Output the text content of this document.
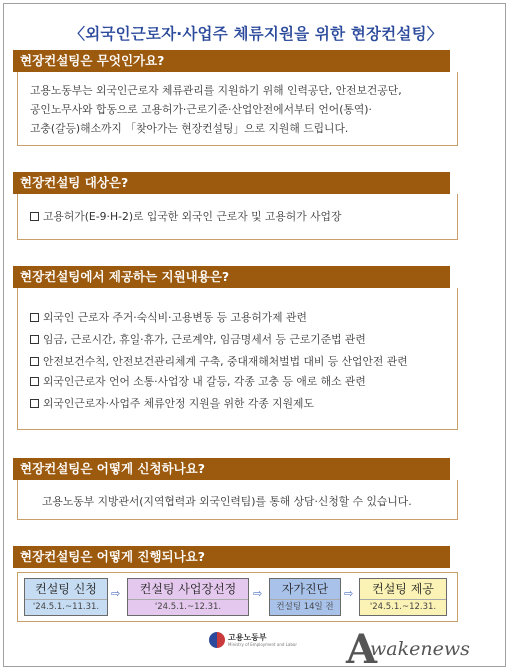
〈외국인근로자·사업주 체류지원을 위한 현장컨설팅〉
현장컨설팅은 무엇인가요?

고용노동부는 외국인근로자 체류관리를 지원하기 위해 인력공단, 안전보건공단,

공인노무사와 합동으로 고용허가·근로기준·산업안전에서부터 언어(통역)·

고충(갈등)해소까지 「찾아가는 현장컨설팅」으로 지원해 드립니다.

현장컨설팅 대상은?
고용허가(E-9·H-2)로 입국한 외국인 근로자 및 고용허가 사업장
현장컨설팅에서 제공하는 지원내용은?
외국인 근로자 주거·숙식비·고용변동 등 고용허가제 관련
임금, 근로시간, 휴일·휴가, 근로계약, 임금명세서 등 근로기준법 관련
안전보건수칙, 안전보건관리체계 구축, 중대재해처벌법 대비 등 산업안전 관련
외국인근로자 언어 소통·사업장 내 갈등, 각종 고충 등 애로 해소 관련
외국인근로자·사업주 체류안정 지원을 위한 각종 지원제도
현장컨설팅은 어떻게 신청하나요?

고용노동부 지방관서(지역협력과 외국인력팀)를 통해 상담·신청할 수 있습니다.

현장컨설팅은 어떻게 진행되나요?
컨설팅 신청
'24.5.1.~11.31.
⇨	컨설팅 사업장선정
'24.5.1.~12.31.
⇨	자가진단
컨설팅 14일 전
⇨	컨설팅 제공
'24.5.1.~12.31.
고용노동부
Ministry of Employment and Labor A
wakenews
